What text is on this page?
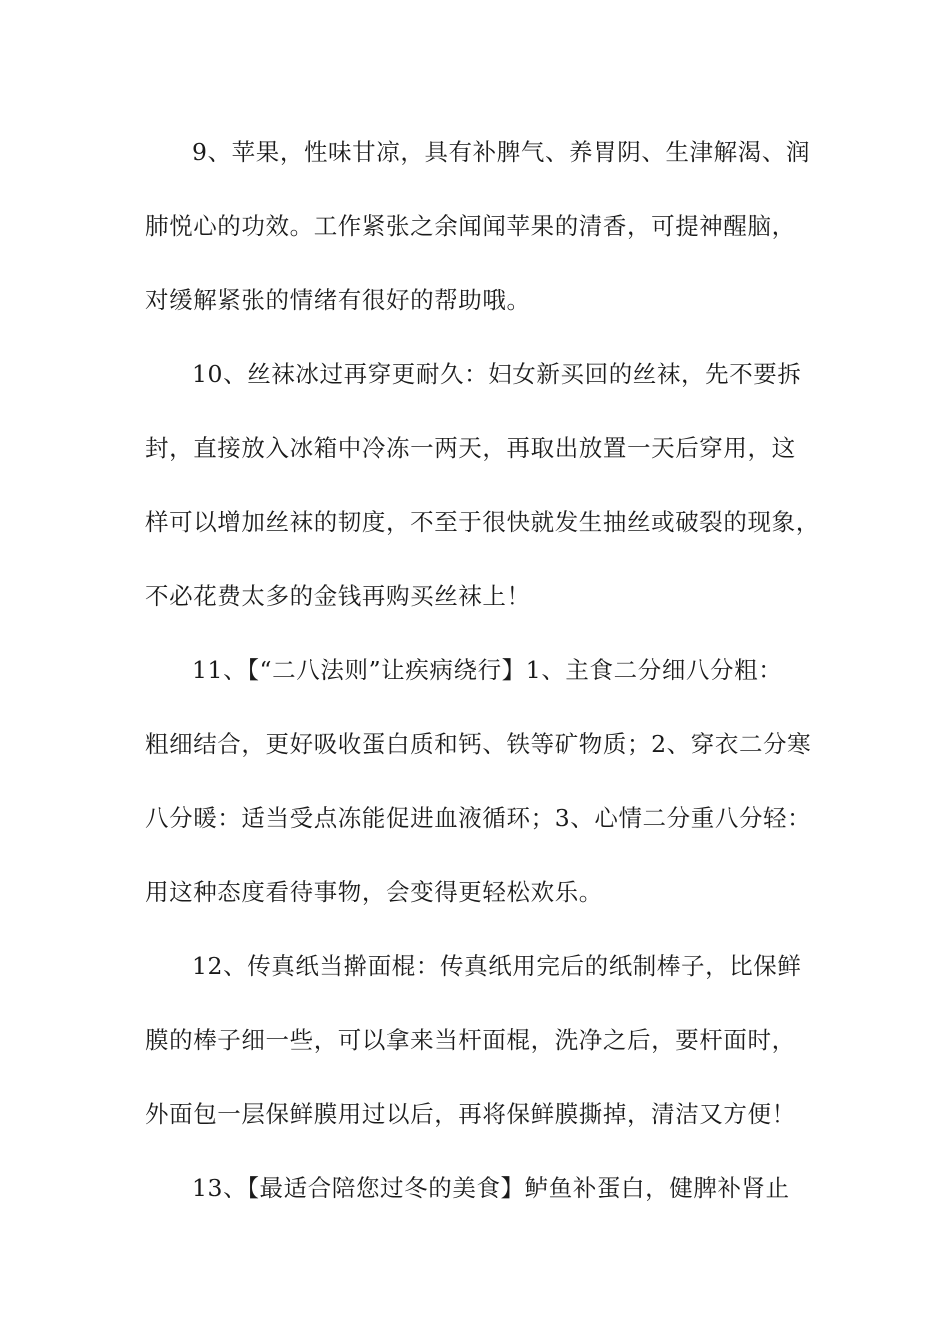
9、苹果，性味甘凉，具有补脾气、养胃阴、生津解渴、润
肺悦心的功效。工作紧张之余闻闻苹果的清香，可提神醒脑，
对缓解紧张的情绪有很好的帮助哦。
10、丝袜冰过再穿更耐久：妇女新买回的丝袜，先不要拆
封，直接放入冰箱中冷冻一两天，再取出放置一天后穿用，这
样可以增加丝袜的韧度，不至于很快就发生抽丝或破裂的现象，
不必花费太多的金钱再购买丝袜上！
11、【“二八法则”让疾病绕行】1、主食二分细八分粗：
粗细结合，更好吸收蛋白质和钙、铁等矿物质；2、穿衣二分寒
八分暖：适当受点冻能促进血液循环；3、心情二分重八分轻：
用这种态度看待事物，会变得更轻松欢乐。
12、传真纸当擀面棍：传真纸用完后的纸制棒子，比保鲜
膜的棒子细一些，可以拿来当杆面棍，洗净之后，要杆面时，
外面包一层保鲜膜用过以后，再将保鲜膜撕掉，清洁又方便！
13、【最适合陪您过冬的美食】鲈鱼补蛋白，健脾补肾止
